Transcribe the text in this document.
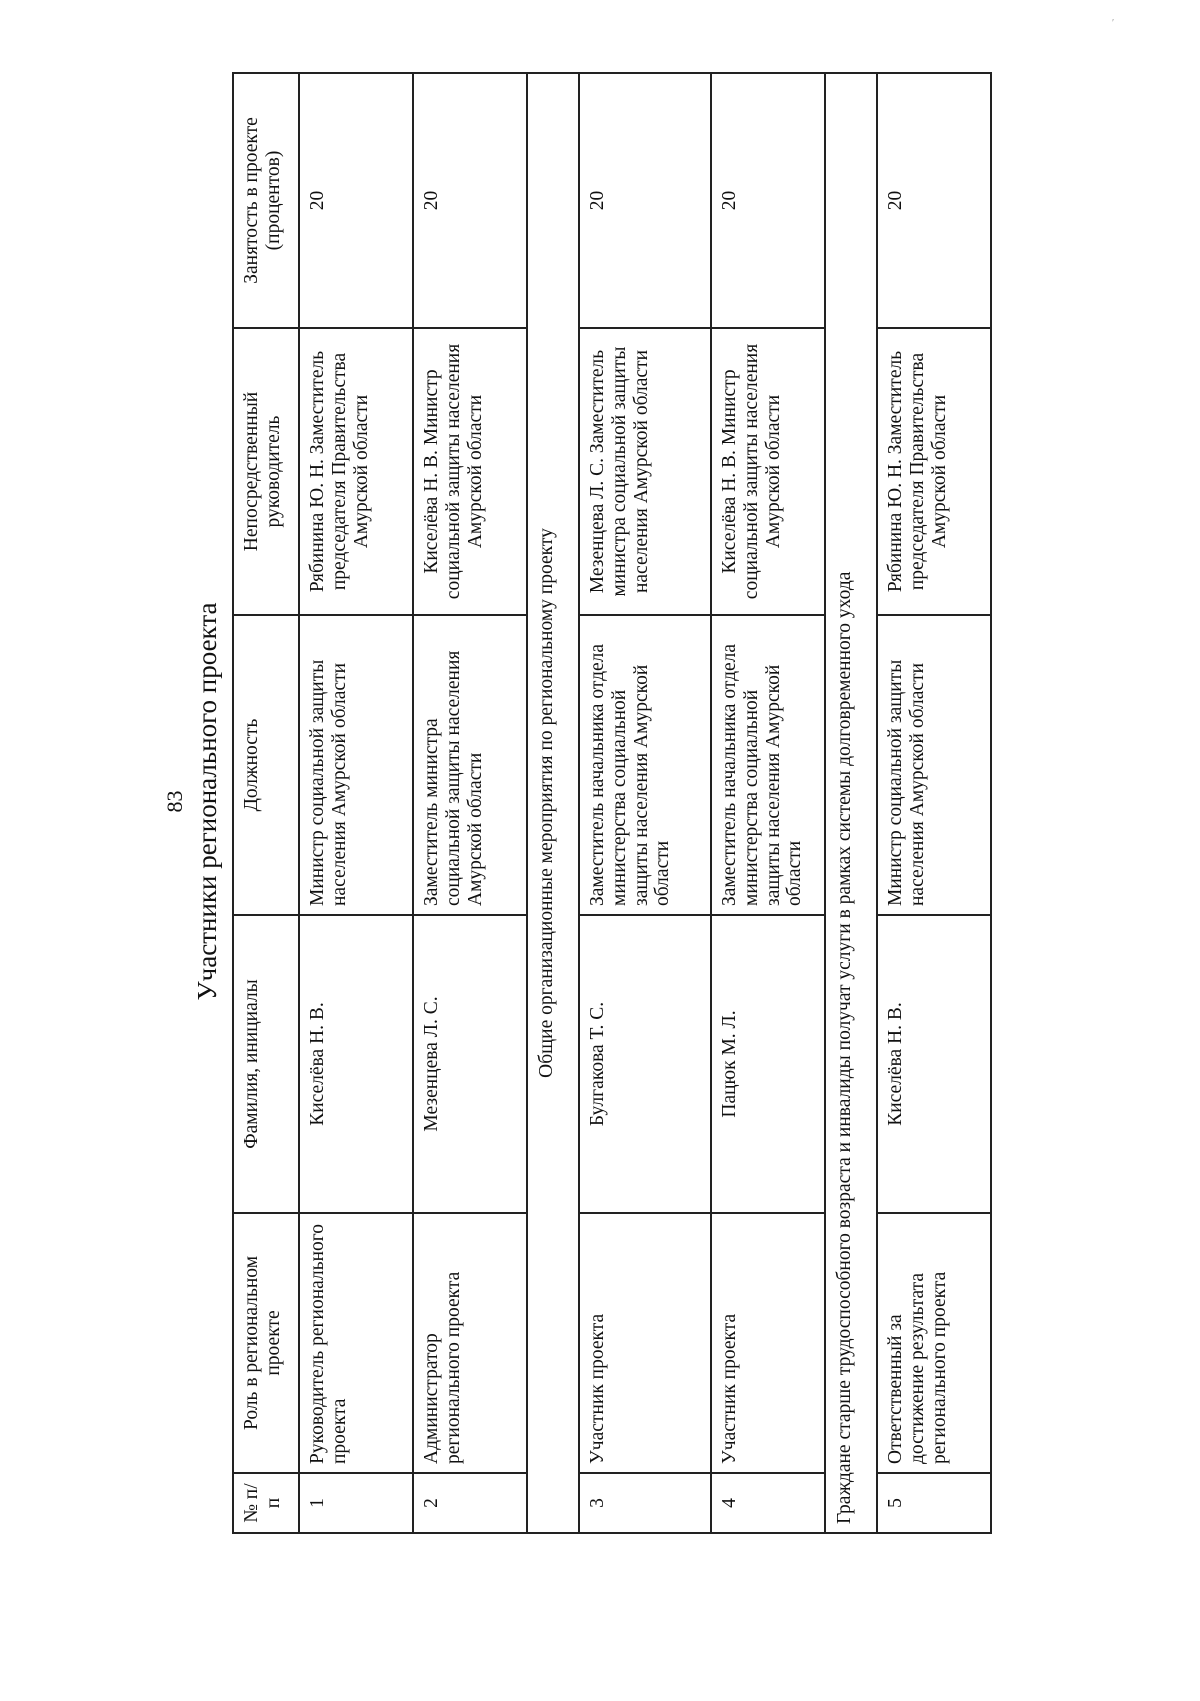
′
83 Участники регионального проекта
№ п/п	Роль в региональном проекте	Фамилия, инициалы	Должность	Непосредственный руководитель	Занятость в проекте (процентов)
1	Руководитель регионального проекта	Киселёва Н. В.	Министр социальной защиты населения Амурской области	Рябинина Ю. Н. Заместитель председателя Правительства Амурской области	20
2	Администратор регионального проекта	Мезенцева Л. С.	Заместитель министра социальной защиты населения Амурской области	Киселёва Н. В. Министр социальной защиты населения Амурской области	20
Общие организационные мероприятия по региональному проекту					
3	Участник проекта	Булгакова Т. С.	Заместитель начальника отдела министерства социальной защиты населения Амурской области	Мезенцева Л. С. Заместитель министра социальной защиты населения Амурской области	20
4	Участник проекта	Пацюк М. Л.	Заместитель начальника отдела министерства социальной защиты населения Амурской области	Киселёва Н. В. Министр социальной защиты населения Амурской области	20
Граждане старше трудоспособного возраста и инвалиды получат услуги в рамках системы долговременного ухода					
5	Ответственный за достижение результата регионального проекта	Киселёва Н. В.	Министр социальной защиты населения Амурской области	Рябинина Ю. Н. Заместитель председателя Правительства Амурской области	20
